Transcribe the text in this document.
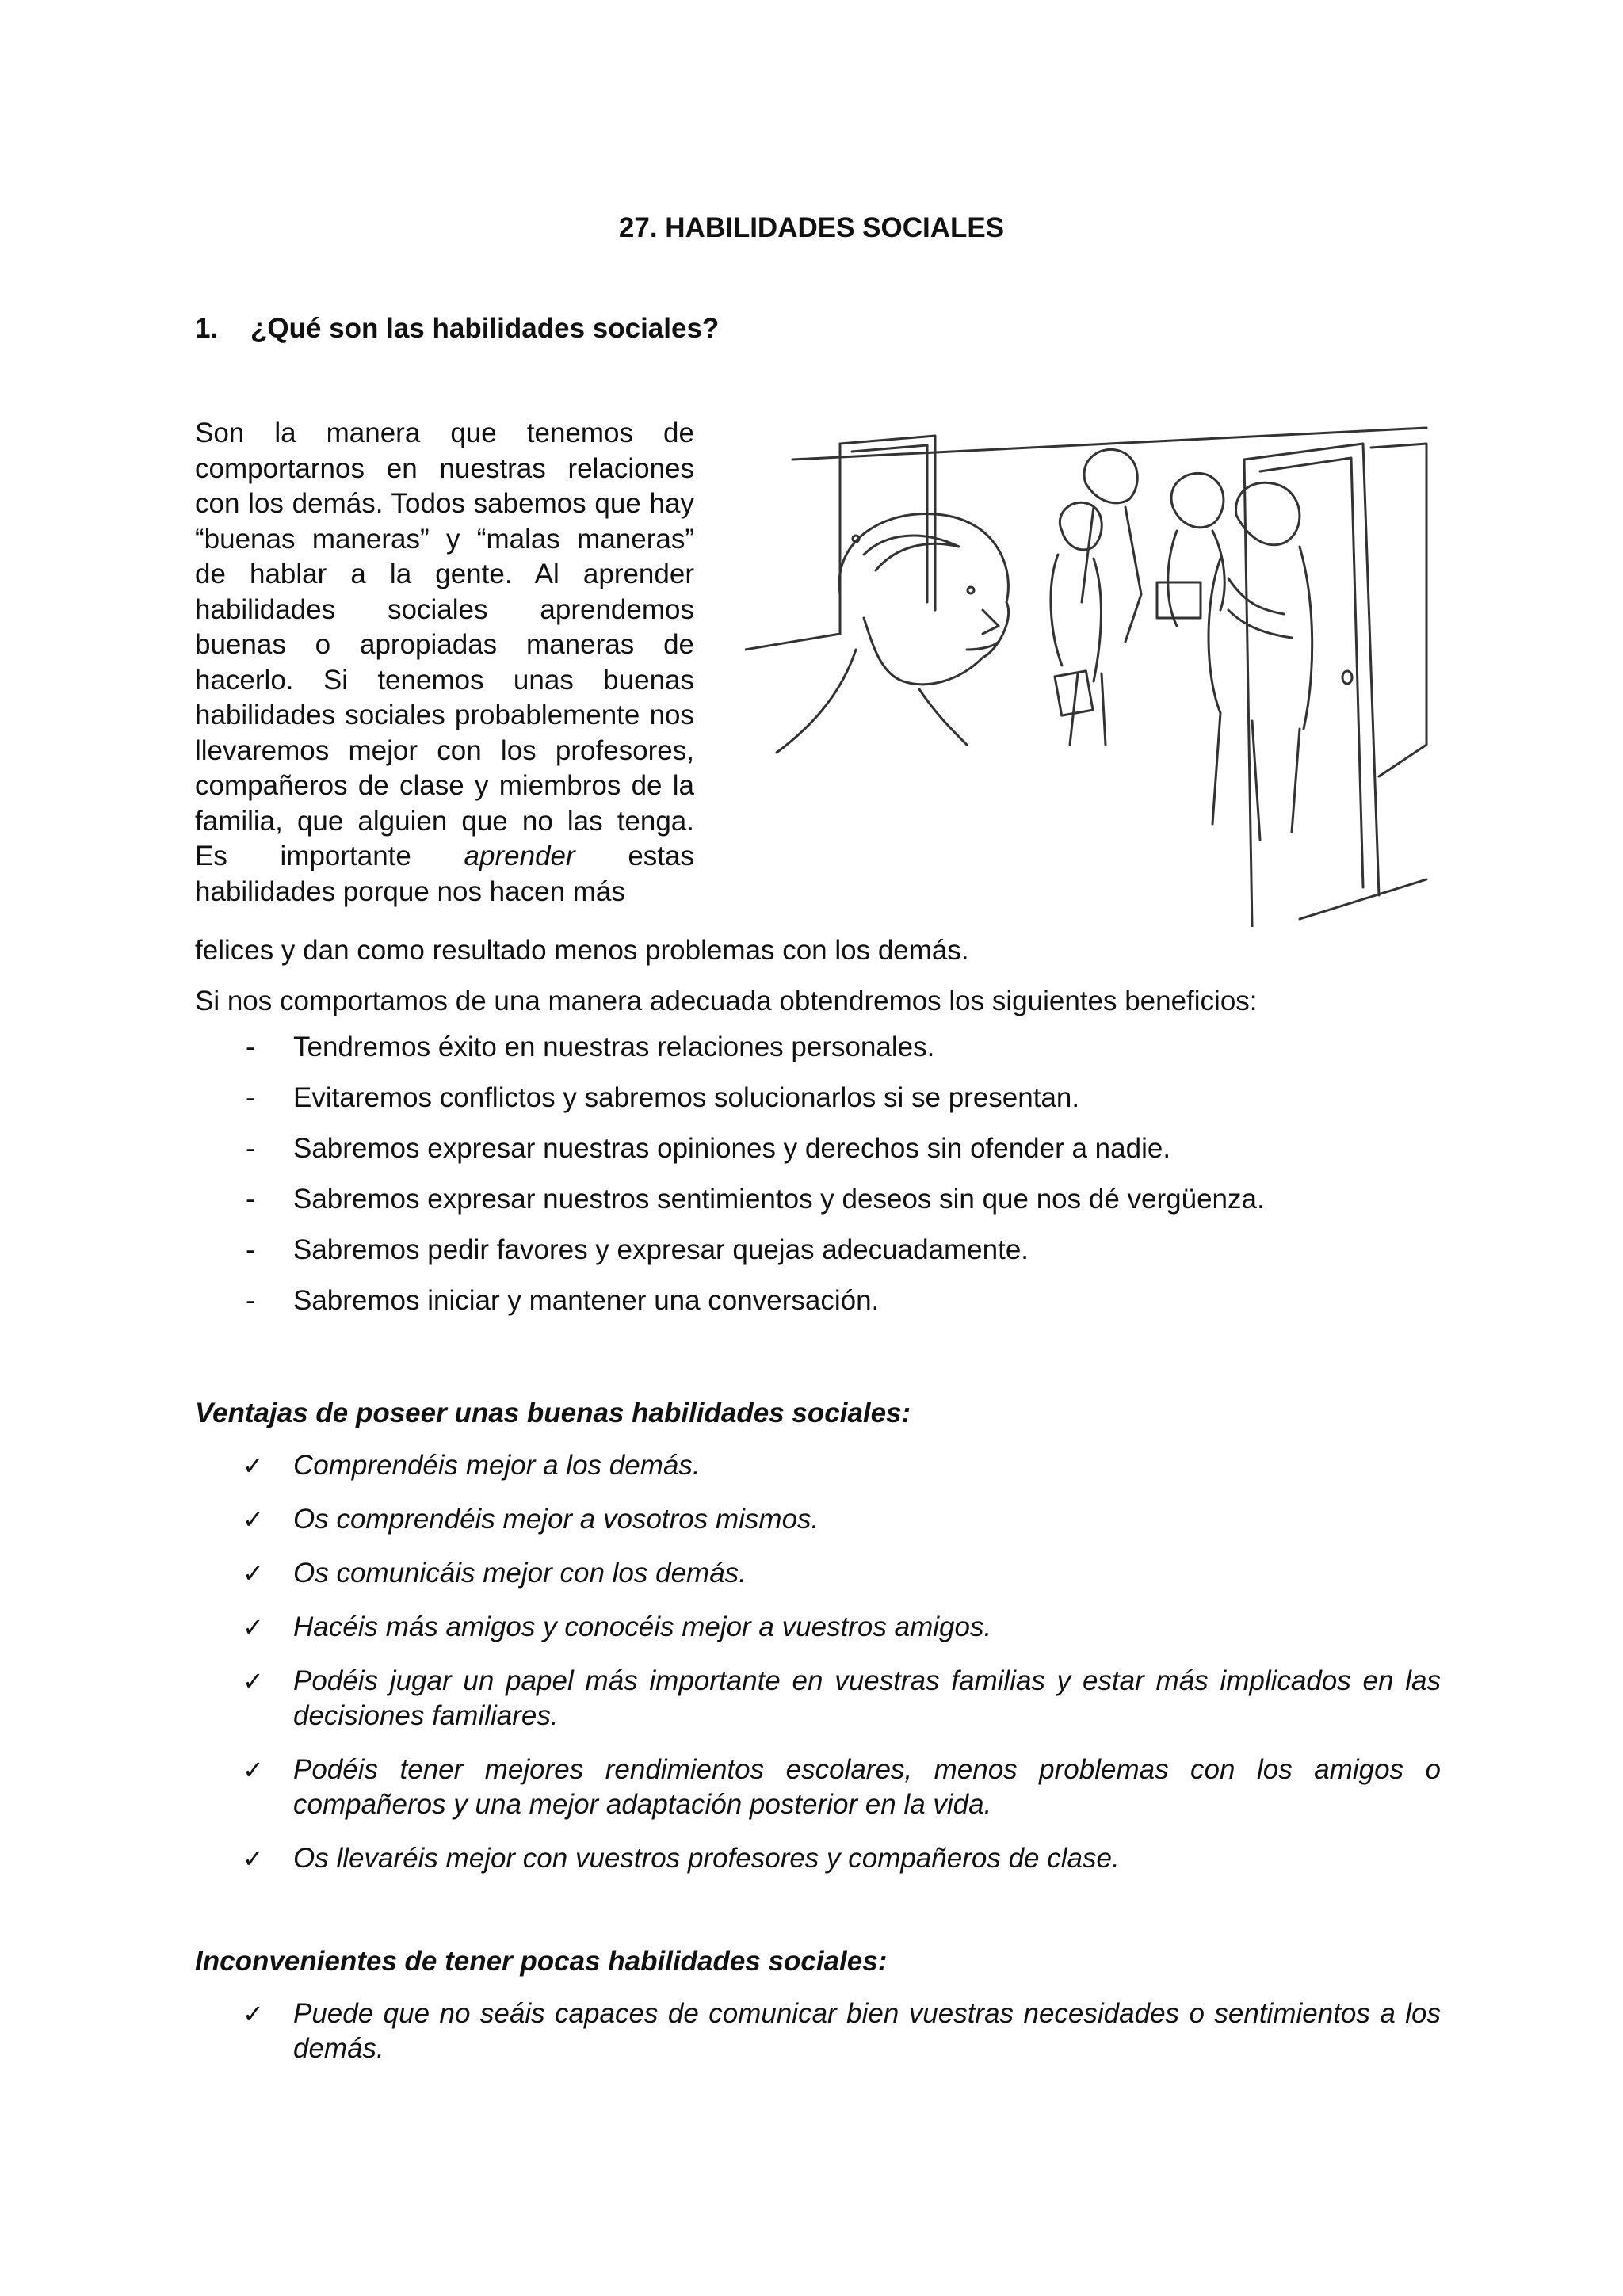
27. HABILIDADES SOCIALES
1. ¿Qué son las habilidades sociales?

Son la manera que tenemos de comportarnos en nuestras relaciones con los demás. Todos sabemos que hay “buenas maneras” y “malas maneras” de hablar a la gente. Al aprender habilidades sociales aprendemos buenas o apropiadas maneras de hacerlo. Si tenemos unas buenas habilidades sociales probablemente nos llevaremos mejor con los profesores, compañeros de clase y miembros de la familia, que alguien que no las tenga. Es importante aprender estas habilidades porque nos hacen más

felices y dan como resultado menos problemas con los demás.
Si nos comportamos de una manera adecuada obtendremos los siguientes beneficios:
- Tendremos éxito en nuestras relaciones personales.
- Evitaremos conflictos y sabremos solucionarlos si se presentan.
- Sabremos expresar nuestras opiniones y derechos sin ofender a nadie.
- Sabremos expresar nuestros sentimientos y deseos sin que nos dé vergüenza.
- Sabremos pedir favores y expresar quejas adecuadamente.
- Sabremos iniciar y mantener una conversación.
Ventajas de poseer unas buenas habilidades sociales:
✓ Comprendéis mejor a los demás.
✓ Os comprendéis mejor a vosotros mismos.
✓ Os comunicáis mejor con los demás.
✓ Hacéis más amigos y conocéis mejor a vuestros amigos.
✓ Podéis jugar un papel más importante en vuestras familias y estar más implicados en las decisiones familiares.
✓ Podéis tener mejores rendimientos escolares, menos problemas con los amigos o compañeros y una mejor adaptación posterior en la vida.
✓ Os llevaréis mejor con vuestros profesores y compañeros de clase.
Inconvenientes de tener pocas habilidades sociales:
✓ Puede que no seáis capaces de comunicar bien vuestras necesidades o sentimientos a los demás.
